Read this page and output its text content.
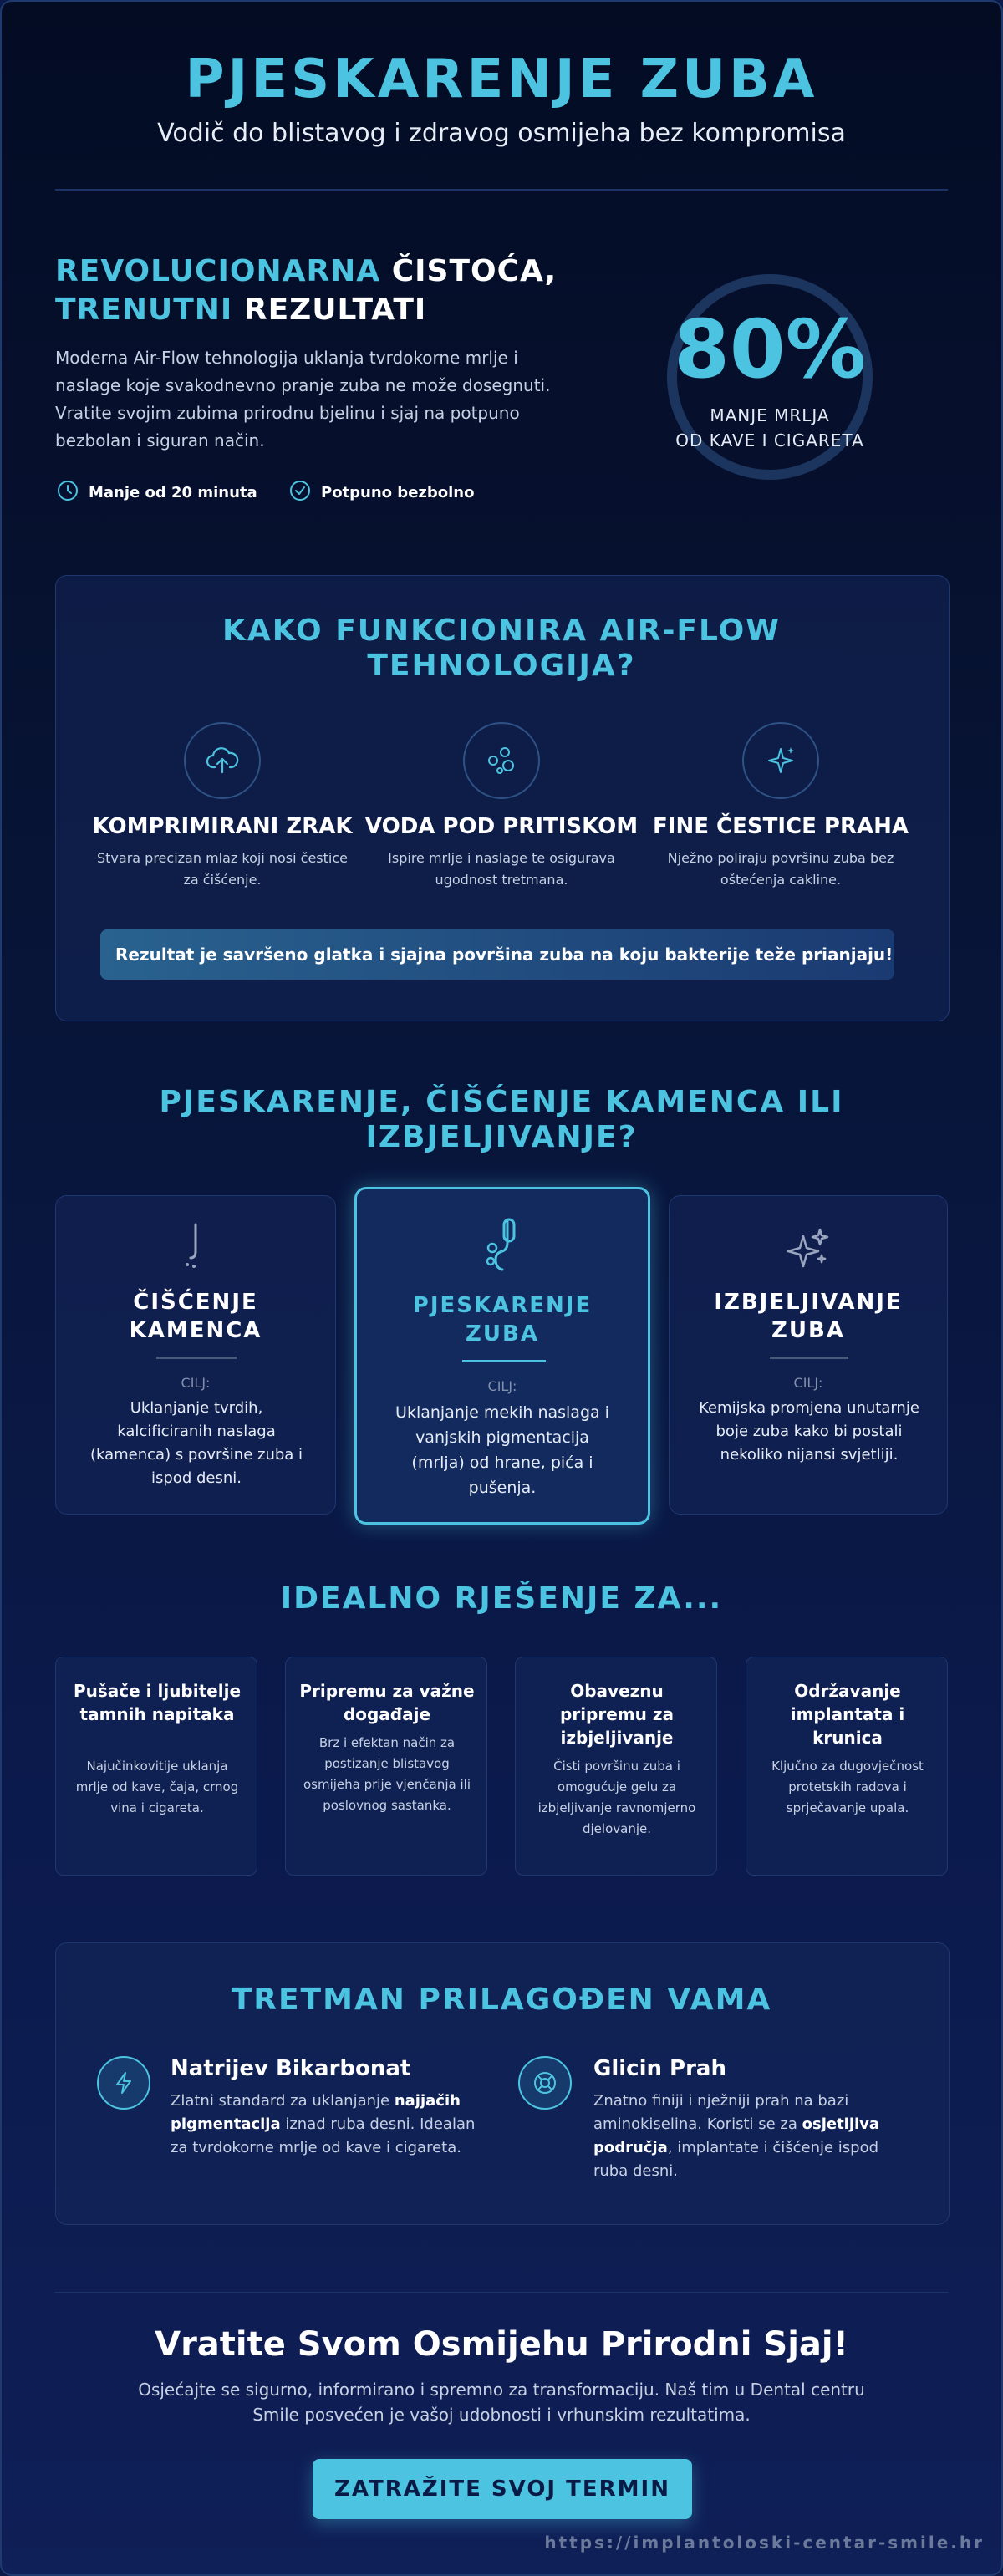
PJESKARENJE ZUBA
Vodič do blistavog i zdravog osmijeha bez kompromisa
REVOLUCIONARNA ČISTOĆA,
TRENUTNI REZULTATI
Moderna Air-Flow tehnologija uklanja tvrdokorne mrlje i naslage koje svakodnevno pranje zuba ne može dosegnuti. Vratite svojim zubima prirodnu bjelinu i sjaj na potpuno bezbolan i siguran način.
Manje od 20 minuta	Potpuno bezbolno
80%
MANJE MRLJA
OD KAVE I CIGARETA
KAKO FUNKCIONIRA AIR-FLOW TEHNOLOGIJA?
KOMPRIMIRANI ZRAK
Stvara precizan mlaz koji nosi čestice za čišćenje.
VODA POD PRITISKOM
Ispire mrlje i naslage te osigurava ugodnost tretmana.
FINE ČESTICE PRAHA
Nježno poliraju površinu zuba bez oštećenja cakline.
Rezultat je savršeno glatka i sjajna površina zuba na koju bakterije teže prianjaju!
PJESKARENJE, ČIŠĆENJE KAMENCA ILI IZBJELJIVANJE?
ČIŠĆENJE
KAMENCA
CILJ:
Uklanjanje tvrdih, kalcificiranih naslaga (kamenca) s površine zuba i ispod desni.
PJESKARENJE
ZUBA
CILJ:
Uklanjanje mekih naslaga i vanjskih pigmentacija (mrlja) od hrane, pića i pušenja.
IZBJELJIVANJE
ZUBA
CILJ:
Kemijska promjena unutarnje boje zuba kako bi postali nekoliko nijansi svjetliji.
IDEALNO RJEŠENJE ZA...
Pušače i ljubitelje tamnih napitaka
Najučinkovitije uklanja mrlje od kave, čaja, crnog vina i cigareta.
Pripremu za važne događaje
Brz i efektan način za postizanje blistavog osmijeha prije vjenčanja ili poslovnog sastanka.
Obaveznu pripremu za izbjeljivanje
Čisti površinu zuba i omogućuje gelu za izbjeljivanje ravnomjerno djelovanje.
Održavanje implantata i krunica
Ključno za dugovječnost protetskih radova i sprječavanje upala.
TRETMAN PRILAGOĐEN VAMA
Natrijev Bikarbonat
Zlatni standard za uklanjanje najjačih pigmentacija iznad ruba desni. Idealan za tvrdokorne mrlje od kave i cigareta.
Glicin Prah
Znatno finiji i nježniji prah na bazi aminokiselina. Koristi se za osjetljiva područja, implantate i čišćenje ispod ruba desni.
Vratite Svom Osmijehu Prirodni Sjaj!
Osjećajte se sigurno, informirano i spremno za transformaciju. Naš tim u Dental centru Smile posvećen je vašoj udobnosti i vrhunskim rezultatima.
ZATRAŽITE SVOJ TERMIN
https://implantoloski-centar-smile.hr
